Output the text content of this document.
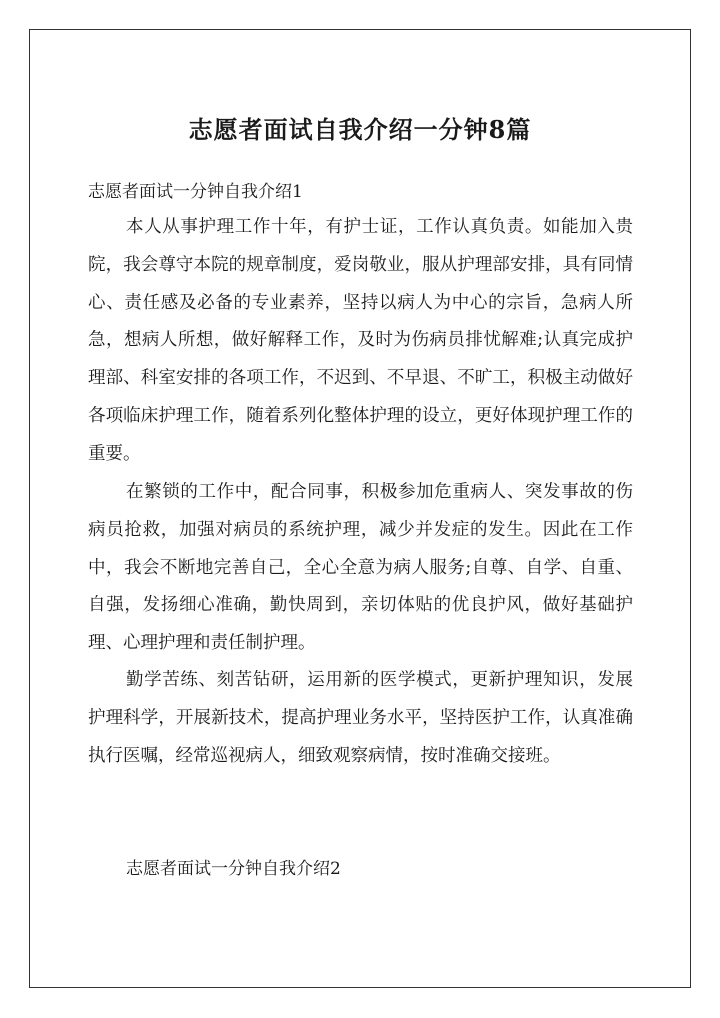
志愿者面试自我介绍一分钟8篇
志愿者面试一分钟自我介绍1

本人从事护理工作十年，有护士证，工作认真负责。如能加入贵院，我会尊守本院的规章制度，爱岗敬业，服从护理部安排，具有同情心、责任感及必备的专业素养，坚持以病人为中心的宗旨，急病人所急，想病人所想，做好解释工作，及时为伤病员排忧解难;认真完成护理部、科室安排的各项工作，不迟到、不早退、不旷工，积极主动做好各项临床护理工作，随着系列化整体护理的设立，更好体现护理工作的重要。

在繁锁的工作中，配合同事，积极参加危重病人、突发事故的伤病员抢救，加强对病员的系统护理，减少并发症的发生。因此在工作中，我会不断地完善自己，全心全意为病人服务;自尊、自学、自重、自强，发扬细心准确，勤快周到，亲切体贴的优良护风，做好基础护理、心理护理和责任制护理。

勤学苦练、刻苦钻研，运用新的医学模式，更新护理知识，发展护理科学，开展新技术，提高护理业务水平，坚持医护工作，认真准确执行医嘱，经常巡视病人，细致观察病情，按时准确交接班。

志愿者面试一分钟自我介绍2
